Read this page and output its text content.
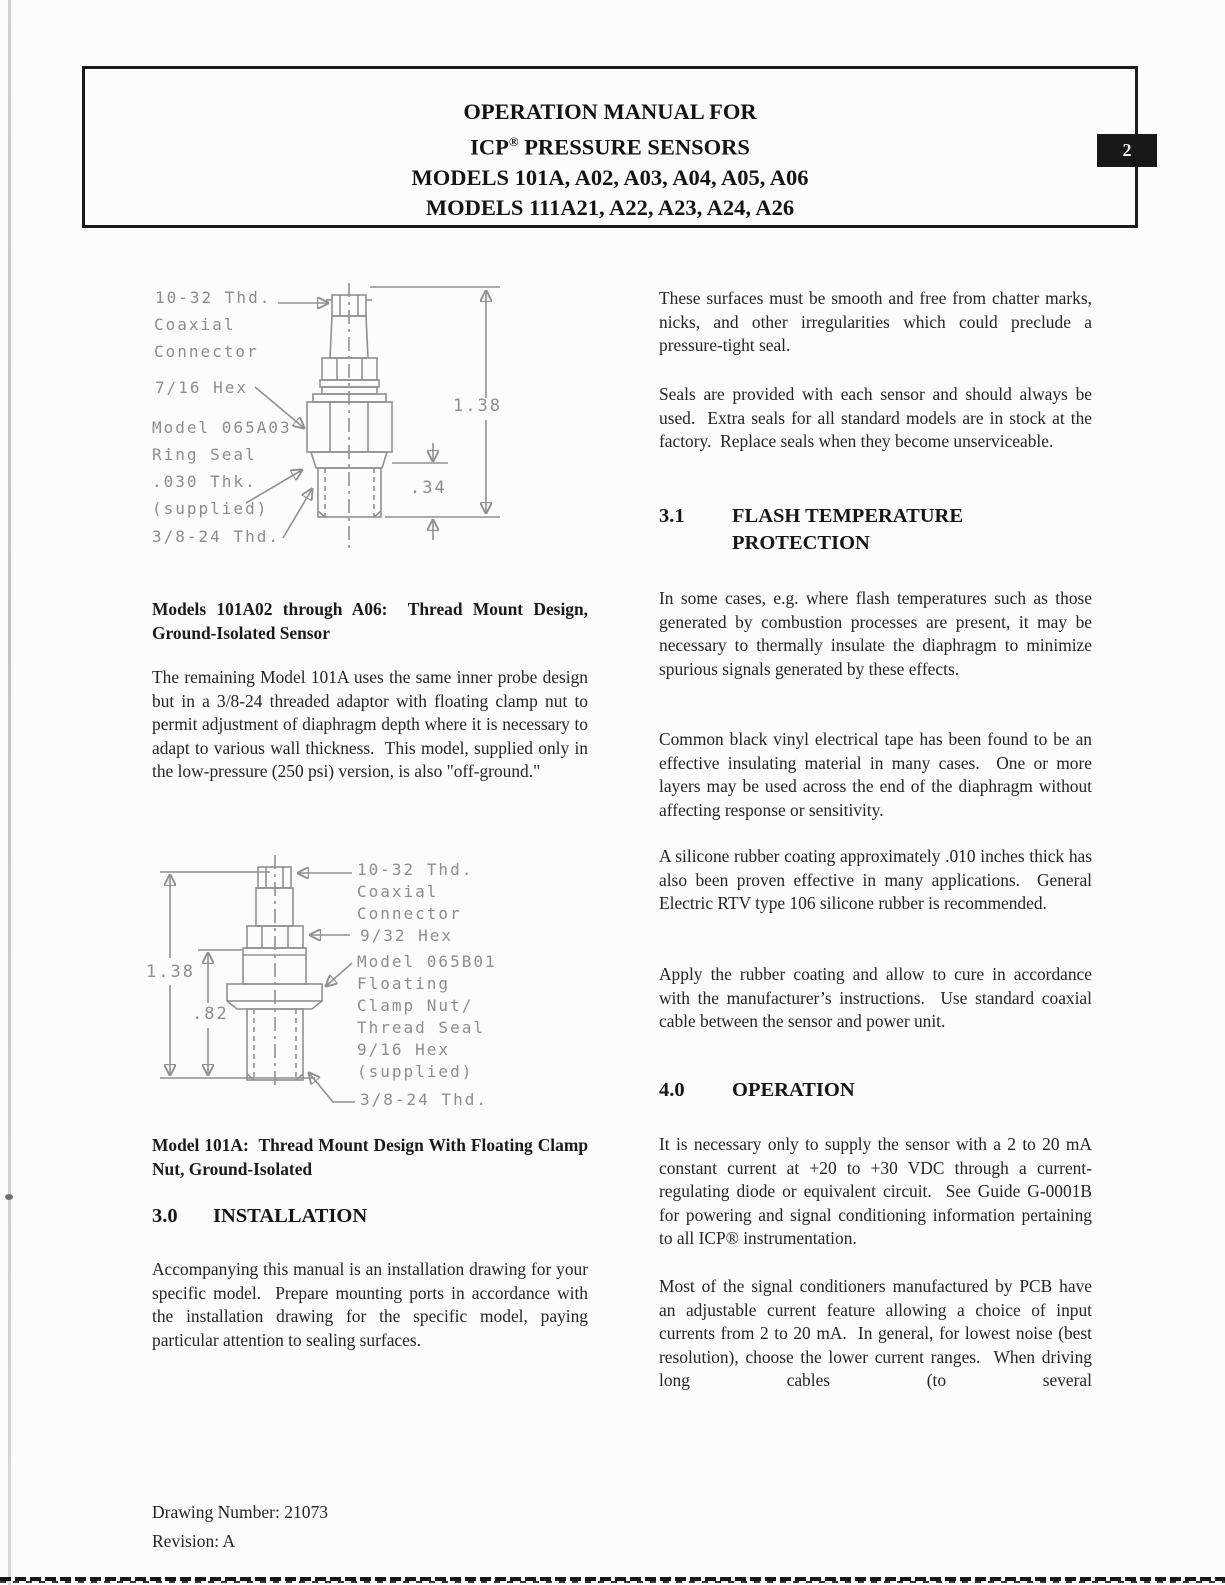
OPERATION MANUAL FOR
ICP® PRESSURE SENSORS
MODELS 101A, A02, A03, A04, A05, A06
MODELS 111A21, A22, A23, A24, A26
2
10-32 Thd.
Coaxial
Connector
7/16 Hex
Model 065A03
Ring Seal
.030 Thk.
(supplied)
3/8-24 Thd.
1.38
.34
Models 101A02 through A06:  Thread Mount Design, Ground-Isolated Sensor
The remaining Model 101A uses the same inner probe design but in a 3/8-24 threaded adaptor with floating clamp nut to permit adjustment of diaphragm depth where it is necessary to adapt to various wall thickness.  This model, supplied only in the low-pressure (250 psi) version, is also "off-ground."
10-32 Thd.
Coaxial
Connector
9/32 Hex
Model 065B01
Floating
Clamp Nut/
Thread Seal
9/16 Hex
(supplied)
3/8-24 Thd.
1.38
.82
Model 101A:  Thread Mount Design With Floating Clamp Nut, Ground-Isolated
3.0	INSTALLATION
Accompanying this manual is an installation drawing for your specific model.  Prepare mounting ports in accordance with the installation drawing for the specific model, paying particular attention to sealing surfaces.
These surfaces must be smooth and free from chatter marks, nicks, and other irregularities which could preclude a pressure-tight seal.
Seals are provided with each sensor and should always be used.  Extra seals for all standard models are in stock at the factory.  Replace seals when they become unserviceable.
3.1	FLASH TEMPERATURE
PROTECTION
In some cases, e.g. where flash temperatures such as those generated by combustion processes are present, it may be necessary to thermally insulate the diaphragm to minimize spurious signals generated by these effects.
Common black vinyl electrical tape has been found to be an effective insulating material in many cases.  One or more layers may be used across the end of the diaphragm without affecting response or sensitivity.
A silicone rubber coating approximately .010 inches thick has also been proven effective in many applications.  General Electric RTV type 106 silicone rubber is recommended.
Apply the rubber coating and allow to cure in accordance with the manufacturer’s instructions.  Use standard coaxial cable between the sensor and power unit.
4.0	OPERATION
It is necessary only to supply the sensor with a 2 to 20 mA constant current at +20 to +30 VDC through a current-regulating diode or equivalent circuit.  See Guide G-0001B for powering and signal conditioning information pertaining to all ICP® instrumentation.
Most of the signal conditioners manufactured by PCB have an adjustable current feature allowing a choice of input currents from 2 to 20 mA.  In general, for lowest noise (best resolution), choose the lower current ranges.  When driving long cables (to several
Drawing Number: 21073
Revision: A
